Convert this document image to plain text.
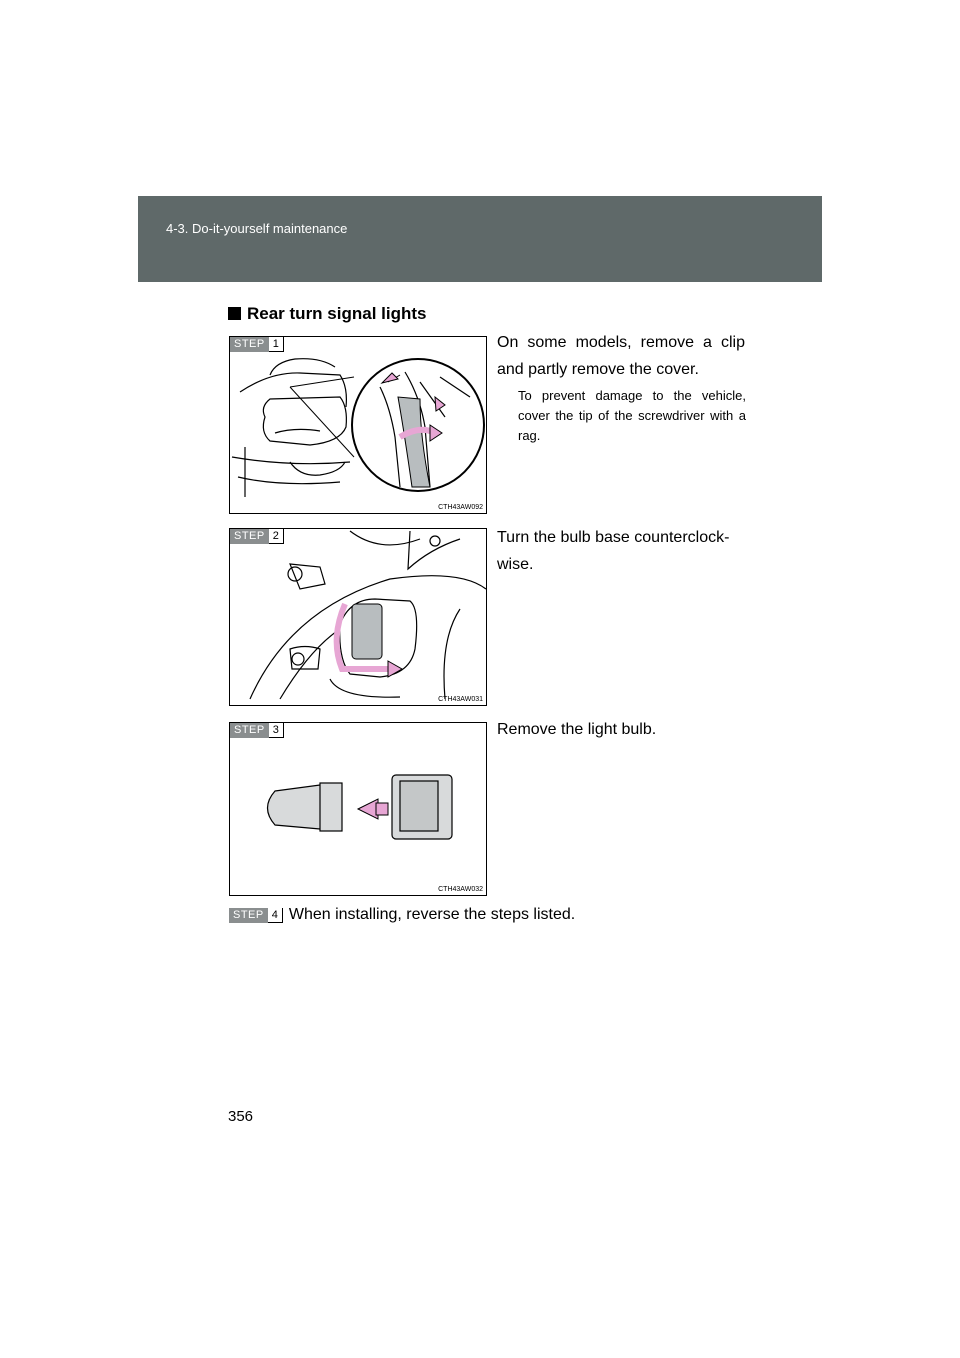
4-3. Do-it-yourself maintenance
Rear turn signal lights
STEP 1
CTH43AW092
On some models, remove a clip and partly remove the cover.
To prevent damage to the vehicle, cover the tip of the screwdriver with a rag.
STEP 2
CTH43AW031
Turn the bulb base counterclock-wise.
STEP 3
CTH43AW032
Remove the light bulb.
STEP 4 When installing, reverse the steps listed.
356
